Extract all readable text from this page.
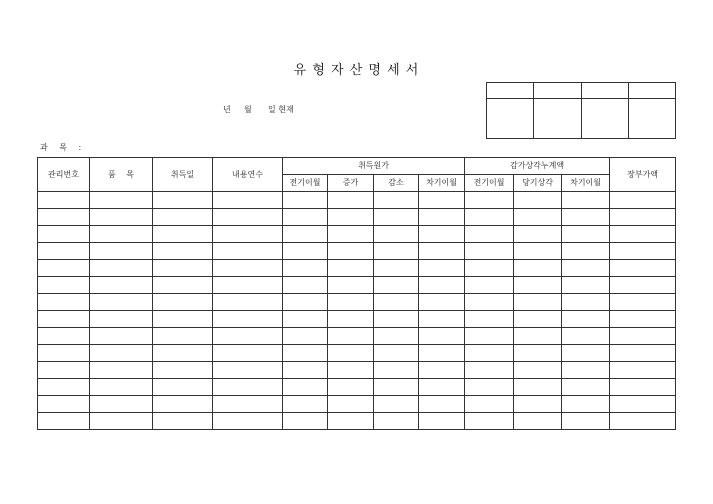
유 형 자 산 명 세 서

년 월 일 현재
과 목 :
관리번호	품 목	취득일	내용연수	취득원가				감가상각누계액			장부가액
				전기이월	증가	감소	차기이월	전기이월	당기상각	차기이월	
